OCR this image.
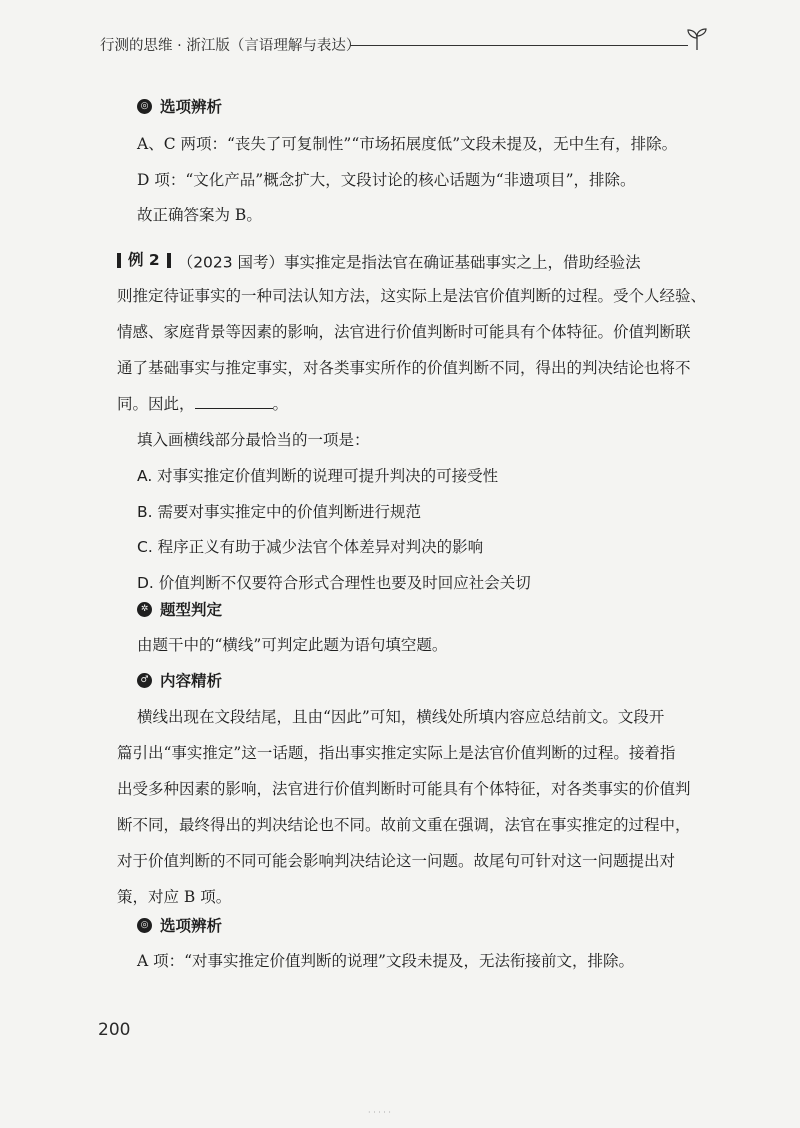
行测的思维 · 浙江版（言语理解与表达）
◎ 选项辨析
A、C 两项：“丧失了可复制性”“市场拓展度低”文段未提及，无中生有，排除。
D 项：“文化产品”概念扩大，文段讨论的核心话题为“非遗项目”，排除。
故正确答案为 B。
例 2 （2023 国考）事实推定是指法官在确证基础事实之上，借助经验法
则推定待证事实的一种司法认知方法，这实际上是法官价值判断的过程。受个人经验、
情感、家庭背景等因素的影响，法官进行价值判断时可能具有个体特征。价值判断联
通了基础事实与推定事实，对各类事实所作的价值判断不同，得出的判决结论也将不
同。因此，	。
填入画横线部分最恰当的一项是：
A. 对事实推定价值判断的说理可提升判决的可接受性
B. 需要对事实推定中的价值判断进行规范
C. 程序正义有助于减少法官个体差异对判决的影响
D. 价值判断不仅要符合形式合理性也要及时回应社会关切
✲ 题型判定
由题干中的“横线”可判定此题为语句填空题。
♂ 内容精析
横线出现在文段结尾，且由“因此”可知，横线处所填内容应总结前文。文段开
篇引出“事实推定”这一话题，指出事实推定实际上是法官价值判断的过程。接着指
出受多种因素的影响，法官进行价值判断时可能具有个体特征，对各类事实的价值判
断不同，最终得出的判决结论也不同。故前文重在强调，法官在事实推定的过程中，
对于价值判断的不同可能会影响判决结论这一问题。故尾句可针对这一问题提出对
策，对应 B 项。
◎ 选项辨析
A 项：“对事实推定价值判断的说理”文段未提及，无法衔接前文，排除。
200
· · · · ·
